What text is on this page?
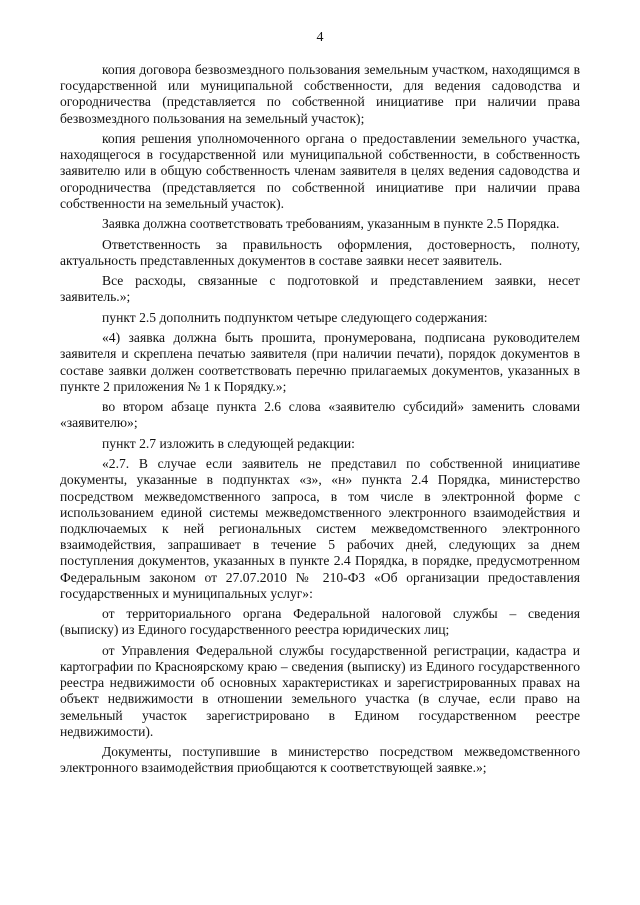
4

копия договора безвозмездного пользования земельным участком, находящимся в государственной или муниципальной собственности, для ведения садоводства и огородничества (представляется по собственной инициативе при наличии права безвозмездного пользования на земельный участок);

копия решения уполномоченного органа о предоставлении земельного участка, находящегося в государственной или муниципальной собственности, в собственность заявителю или в общую собственность членам заявителя в целях ведения садоводства и огородничества (представляется по собственной инициативе при наличии права собственности на земельный участок).

Заявка должна соответствовать требованиям, указанным в пункте 2.5 Порядка.

Ответственность за правильность оформления, достоверность, полноту, актуальность представленных документов в составе заявки несет заявитель.

Все расходы, связанные с подготовкой и представлением заявки, несет заявитель.»;

пункт 2.5 дополнить подпунктом четыре следующего содержания:

«4) заявка должна быть прошита, пронумерована, подписана руководителем заявителя и скреплена печатью заявителя (при наличии печати), порядок документов в составе заявки должен соответствовать перечню прилагаемых документов, указанных в пункте 2 приложения № 1 к Порядку.»;

во втором абзаце пункта 2.6 слова «заявителю субсидий» заменить словами «заявителю»;

пункт 2.7 изложить в следующей редакции:

«2.7. В случае если заявитель не представил по собственной инициативе документы, указанные в подпунктах «з», «н» пункта 2.4 Порядка, министерство посредством межведомственного запроса, в том числе в электронной форме с использованием единой системы межведомственного электронного взаимодействия и подключаемых к ней региональных систем межведомственного электронного взаимодействия, запрашивает в течение 5 рабочих дней, следующих за днем поступления документов, указанных в пункте 2.4 Порядка, в порядке, предусмотренном Федеральным законом от 27.07.2010 № 210-ФЗ «Об организации предоставления государственных и муниципальных услуг»:

от территориального органа Федеральной налоговой службы – сведения (выписку) из Единого государственного реестра юридических лиц;

от Управления Федеральной службы государственной регистрации, кадастра и картографии по Красноярскому краю – сведения (выписку) из Единого государственного реестра недвижимости об основных характеристиках и зарегистрированных правах на объект недвижимости в отношении земельного участка (в случае, если право на земельный участок зарегистрировано в Едином государственном реестре недвижимости).

Документы, поступившие в министерство посредством межведомственного электронного взаимодействия приобщаются к соответствующей заявке.»;
